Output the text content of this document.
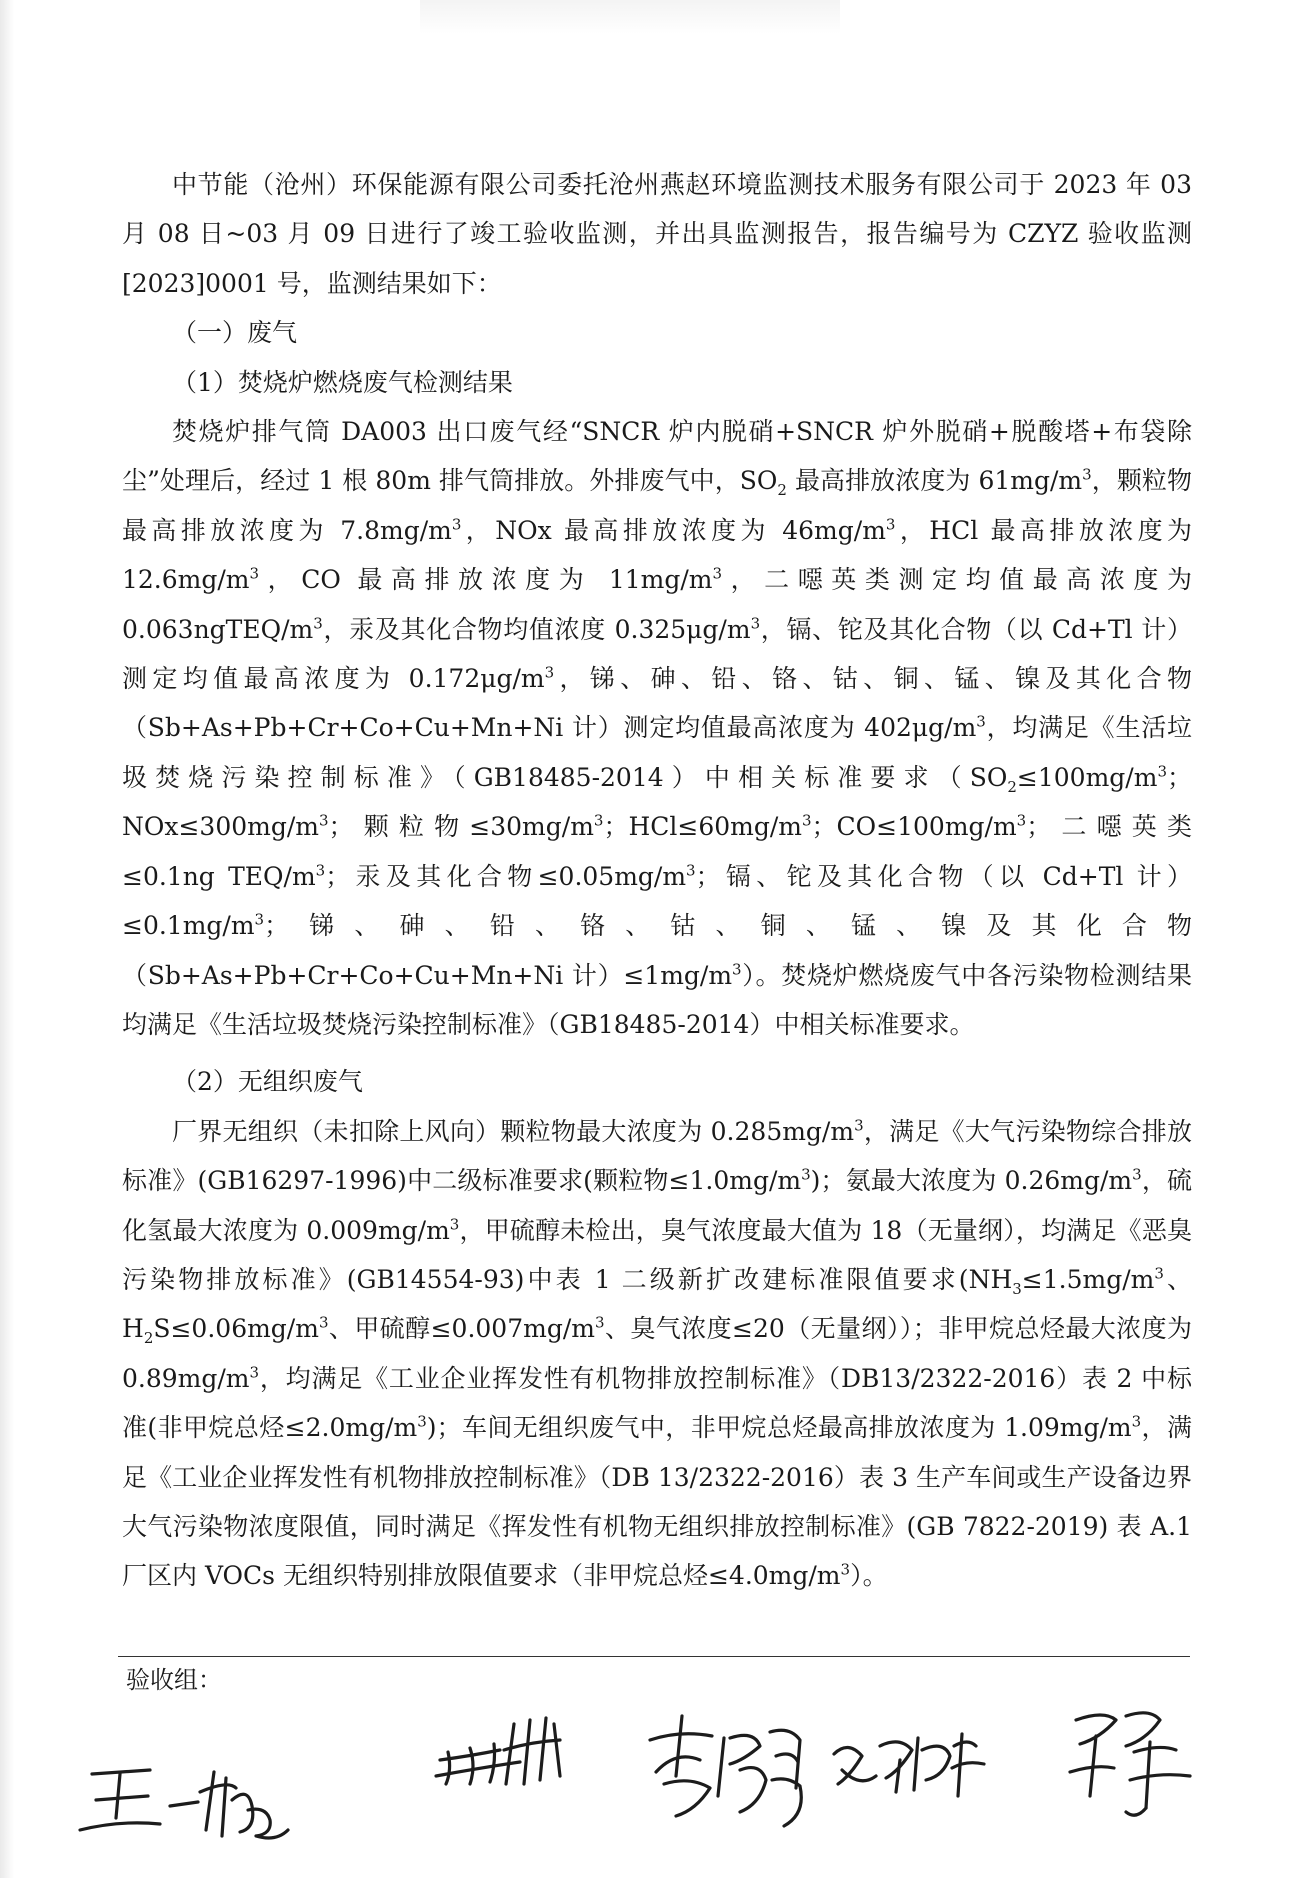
中节能（沧州）环保能源有限公司委托沧州燕赵环境监测技术服务有限公司于 2023 年 03 月 08 日~03 月 09 日进行了竣工验收监测，并出具监测报告，报告编号为 CZYZ 验收监测[2023]0001 号，监测结果如下：

（一）废气

（1）焚烧炉燃烧废气检测结果

焚烧炉排气筒 DA003 出口废气经“SNCR 炉内脱硝+SNCR 炉外脱硝+脱酸塔+布袋除尘”处理后，经过 1 根 80m 排气筒排放。外排废气中，$SO_2$ 最高排放浓度为 $61mg/m^3$，颗粒物最高排放浓度为 $7.8mg/m^3$，NOx 最高排放浓度为 $46mg/m^3$，HCl 最高排放浓度为 $12.6mg/m^3$，CO 最高排放浓度为 $11mg/m^3$，二噁英类测定均值最高浓度为 $0.063ngTEQ/m^3$，汞及其化合物均值浓度 $0.325\mu g/m^3$，镉、铊及其化合物（以 Cd+Tl 计）测定均值最高浓度为 $0.172\mu g/m^3$，锑、砷、铅、铬、钴、铜、锰、镍及其化合物（Sb+As+Pb+Cr+Co+Cu+Mn+Ni 计）测定均值最高浓度为 $402\mu g/m^3$，均满足《生活垃圾焚烧污染控制标准》（GB18485-2014）中相关标准要求（$SO_2\le 100mg/m^3$；$NOx\le 300mg/m^3$；颗粒物$\le 30mg/m^3$；$HCl\le 60mg/m^3$；$CO\le 100mg/m^3$；二噁英类≤0.1ng TEQ/$m^3$；汞及其化合物$\le 0.05mg/m^3$；镉、铊及其化合物（以 Cd+Tl 计）$\le 0.1mg/m^3$；锑、砷、铅、铬、钴、铜、锰、镍及其化合物（Sb+As+Pb+Cr+Co+Cu+Mn+Ni 计）$\le 1mg/m^3$）。焚烧炉燃烧废气中各污染物检测结果均满足《生活垃圾焚烧污染控制标准》（GB18485-2014）中相关标准要求。

（2）无组织废气

厂界无组织（未扣除上风向）颗粒物最大浓度为 $0.285mg/m^3$，满足《大气污染物综合排放标准》(GB16297-1996)中二级标准要求(颗粒物$\le 1.0mg/m^3$)；氨最大浓度为 $0.26mg/m^3$，硫化氢最大浓度为 $0.009mg/m^3$，甲硫醇未检出，臭气浓度最大值为 18（无量纲），均满足《恶臭污染物排放标准》(GB14554-93)中表 1 二级新扩改建标准限值要求($NH_3\le 1.5mg/m^3$、$H_2S\le 0.06mg/m^3$、甲硫醇$\le 0.007mg/m^3$、臭气浓度≤20（无量纲））；非甲烷总烃最大浓度为 $0.89mg/m^3$，均满足《工业企业挥发性有机物排放控制标准》（DB13/2322-2016）表 2 中标准(非甲烷总烃$\le 2.0mg/m^3$)；车间无组织废气中，非甲烷总烃最高排放浓度为 $1.09mg/m^3$，满足《工业企业挥发性有机物排放控制标准》（DB 13/2322-2016）表 3 生产车间或生产设备边界大气污染物浓度限值，同时满足《挥发性有机物无组织排放控制标准》(GB 7822-2019) 表 A.1 厂区内 VOCs 无组织特别排放限值要求（非甲烷总烃$\le 4.0mg/m^3$）。

验收组：
